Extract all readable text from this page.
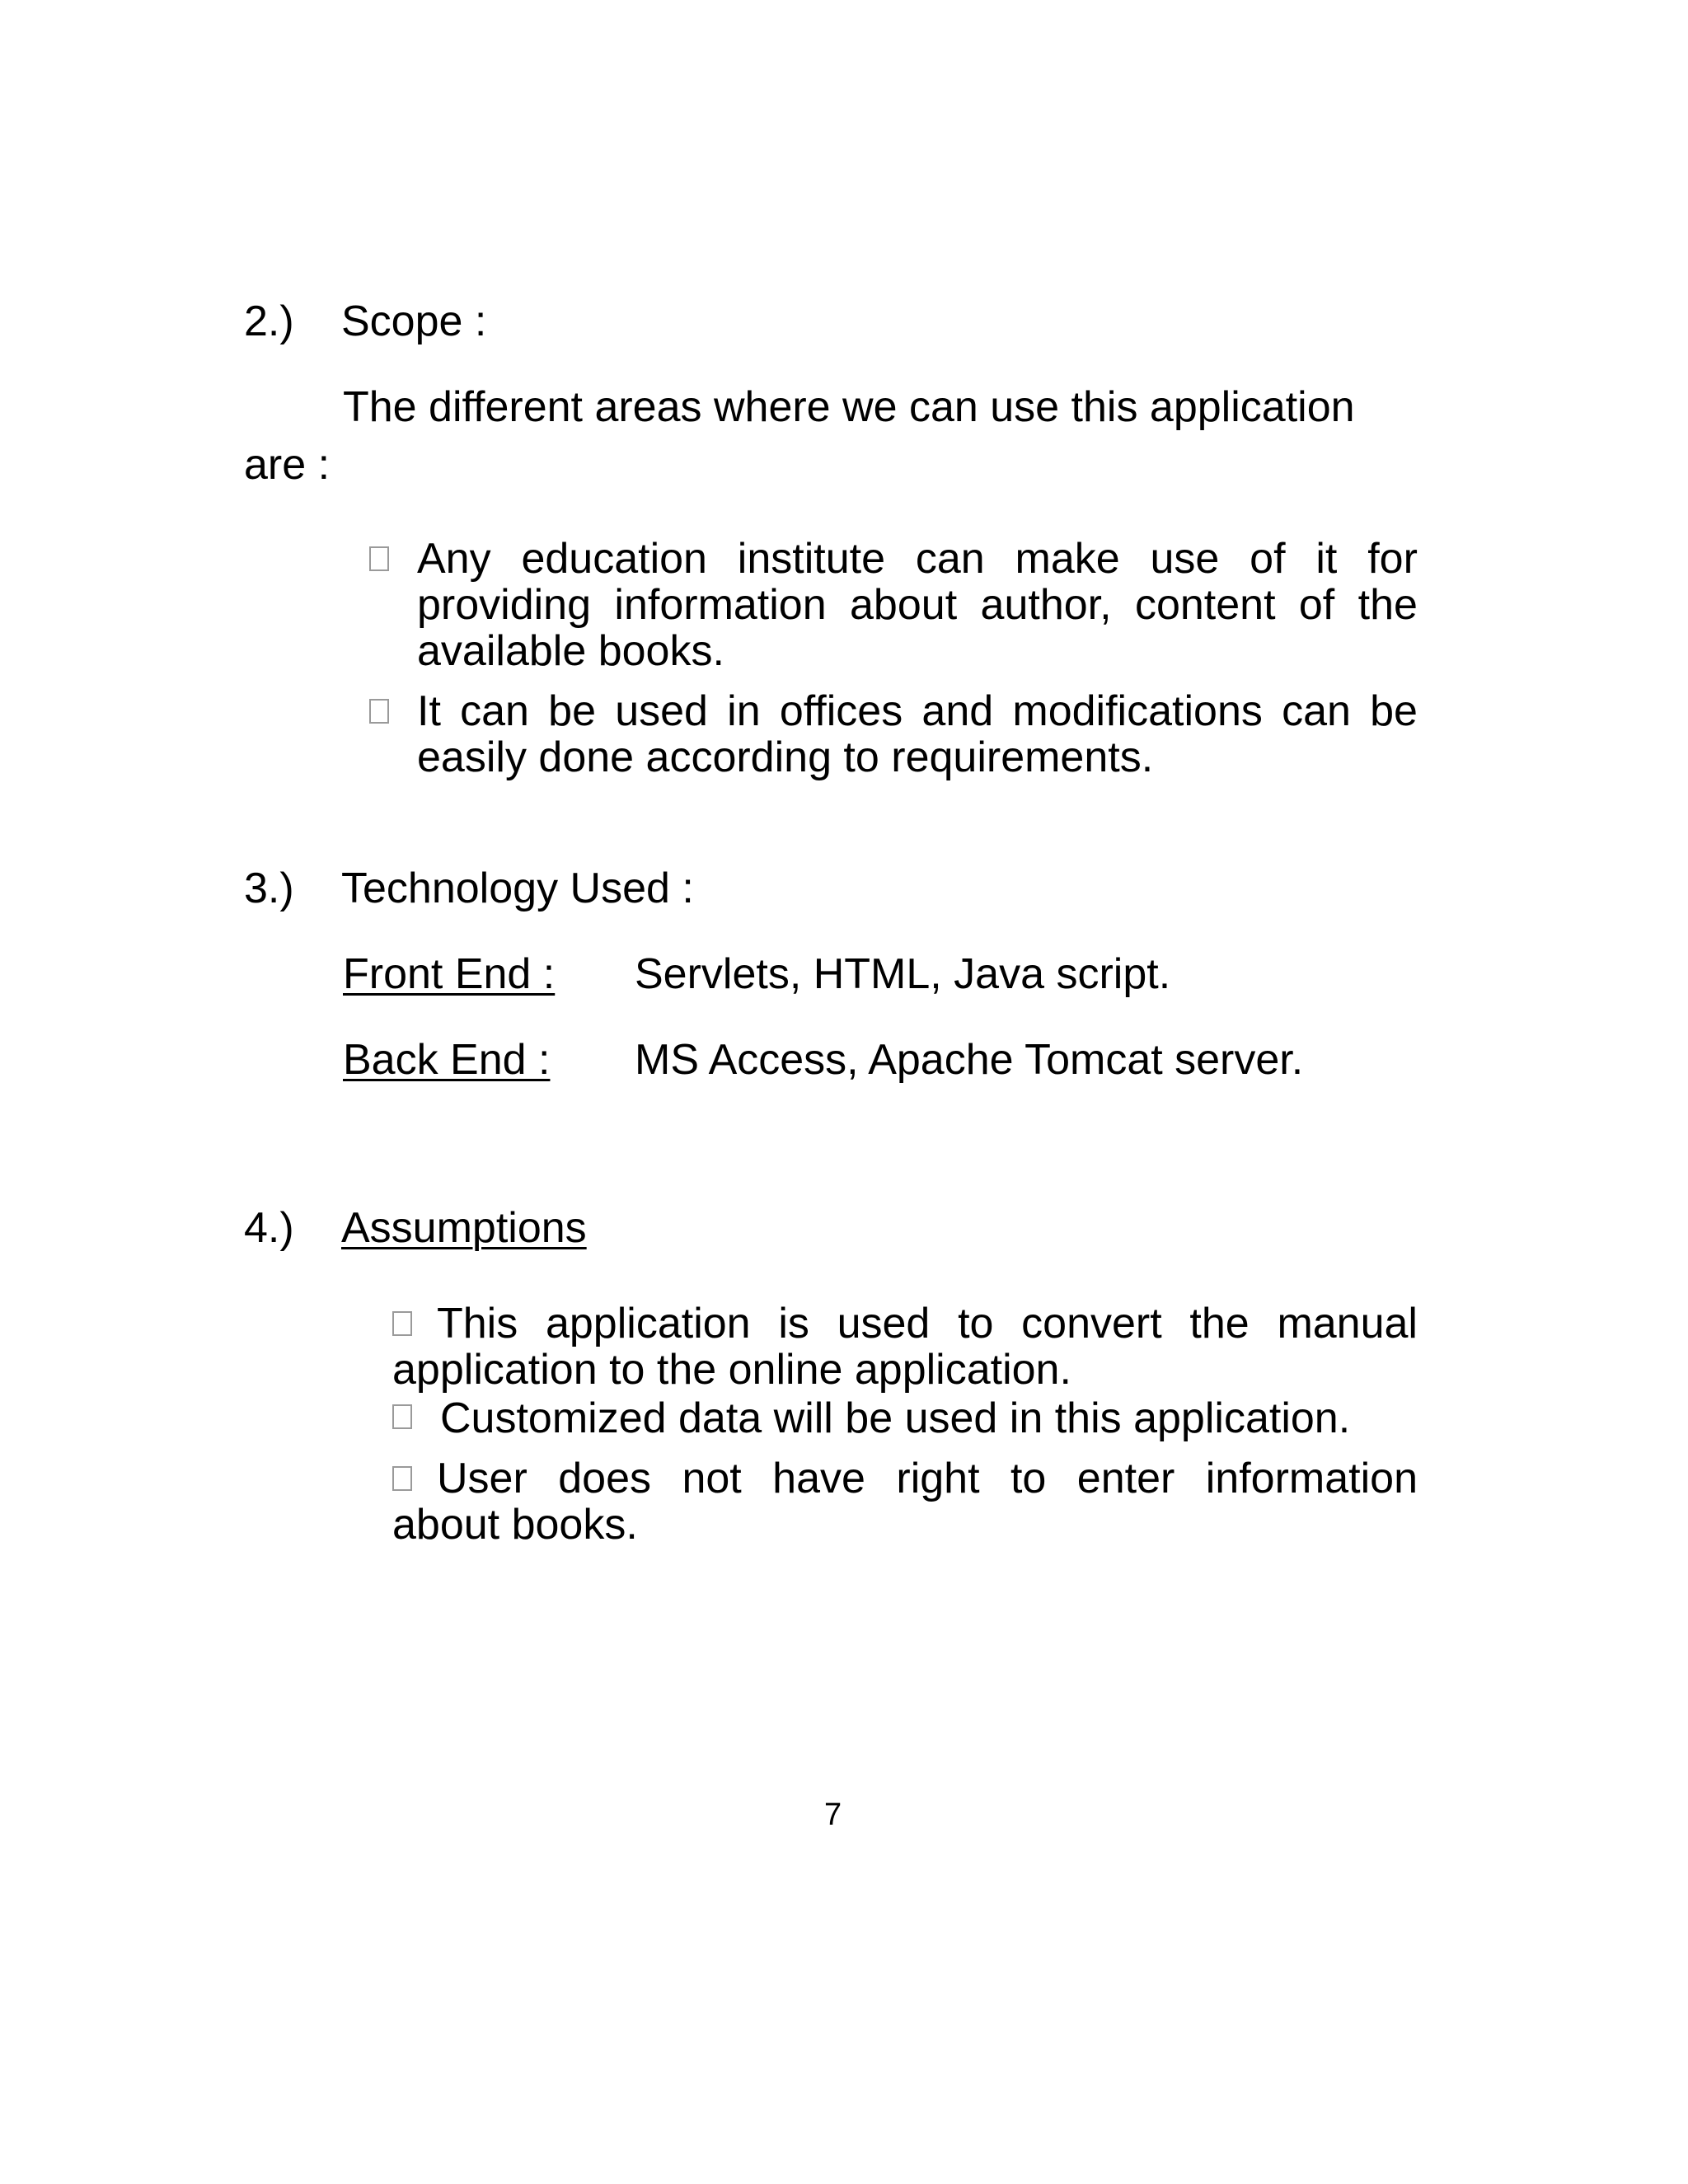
2.) Scope :
The different areas where we can use this application
are :
Any education institute can make use of it for
providing information about author, content of the
available books.
It can be used in offices and modifications can be
easily done according to requirements.
3.) Technology Used :
Front End : Servlets, HTML, Java script.
Back End : MS Access, Apache Tomcat server.
4.) Assumptions
This application is used to convert the manual
application to the online application.
Customized data will be used in this application.
User does not have right to enter information
about books.
7
